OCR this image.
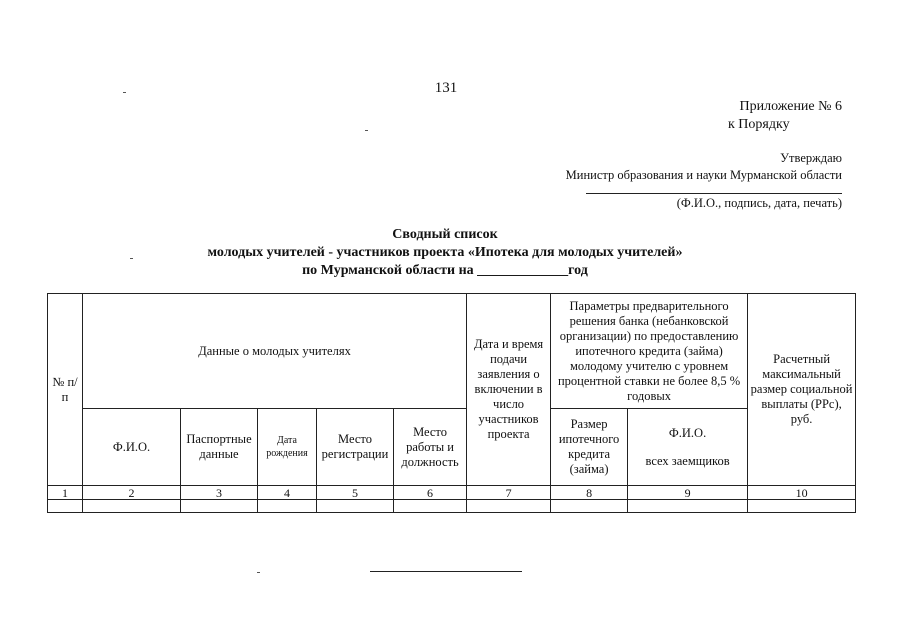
131
Приложение № 6
к Порядку
Утверждаю
Министр образования и науки Мурманской области
(Ф.И.О., подпись, дата, печать)
Сводный список
молодых учителей - участников проекта «Ипотека для молодых учителей»
по Мурманской области на _____________год
№ п/п	Данные о молодых учителях					Дата и время подачи заявления о включении в число участников проекта	Параметры предварительного решения банка (небанковской организации) по предоставлению ипотечного кредита (займа) молодому учителю с уровнем процентной ставки не более 8,5 % годовых		Расчетный максимальный размер социальной выплаты (РРс), руб.
	Ф.И.О.	Паспортные данные	Дата рождения	Место регистрации	Место работы и должность		Размер ипотечного кредита (займа)	Ф.И.О.
всех заемщиков	

1	2	3	4	5	6	7	8	9	10
